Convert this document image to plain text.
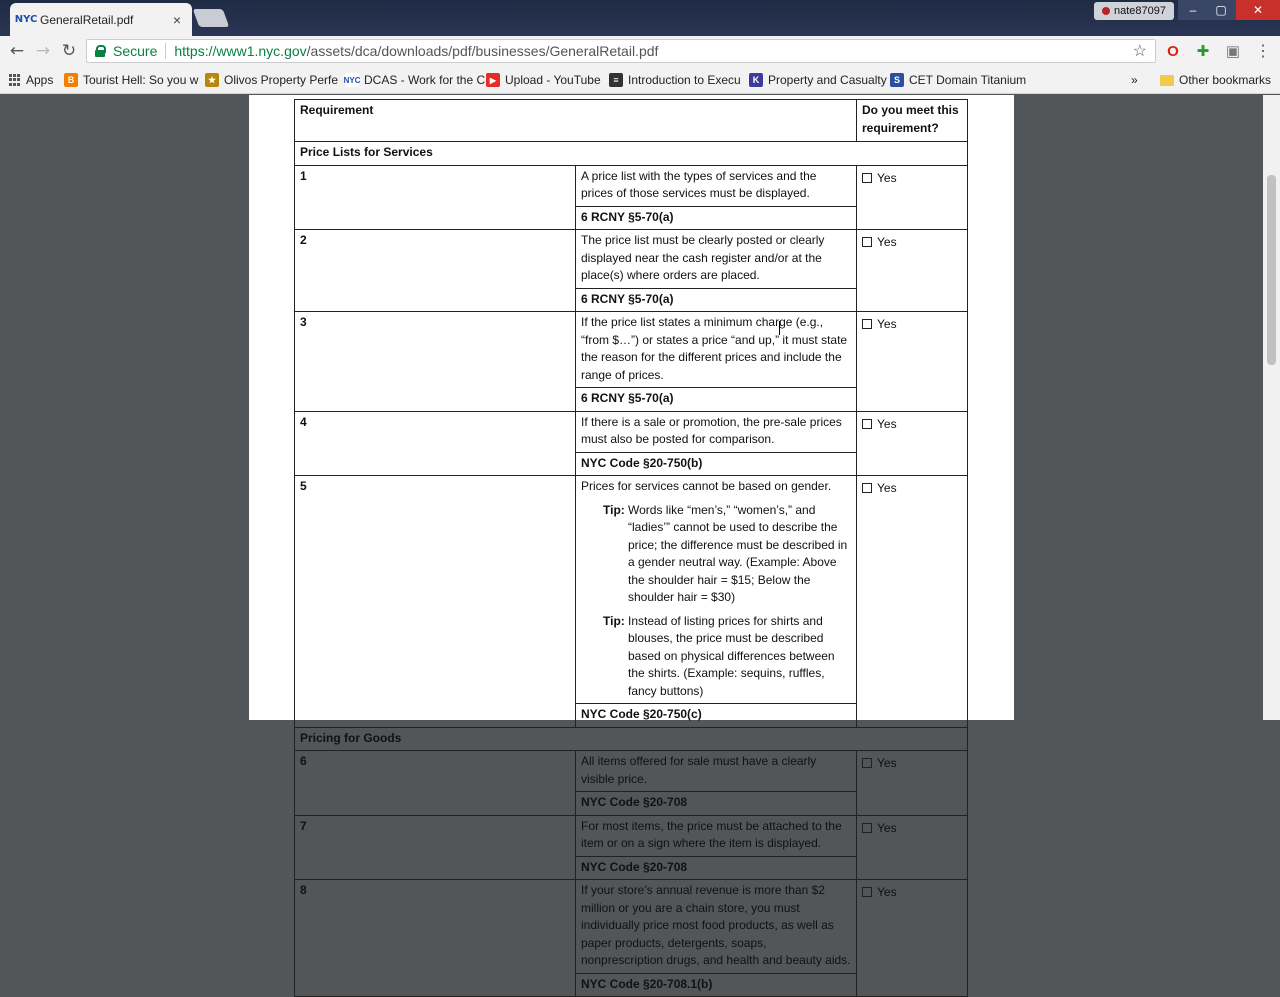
NYC GeneralRetail.pdf	×
nate87097	–	▢	✕
← → ↻	Secure https://www1.nyc.gov/assets/dca/downloads/pdf/businesses/GeneralRetail.pdf	☆ O ✚ ▣ ⋮
Apps	B Tourist Hell: So you w	★ Olivos Property Perfe NYC DCAS - Work for the C ▶ Upload - YouTube	≡ Introduction to Execu	K Property and Casualty S CET Domain Titanium	»	Other bookmarks
Requirement		Do you meet this requirement?
Price Lists for Services		
1	A price list with the types of services and the prices of those services must be displayed.	Yes

	6 RCNY §5-70(a)	
2	The price list must be clearly posted or clearly displayed near the cash register and/or at the place(s) where orders are placed.	Yes

	6 RCNY §5-70(a)	
3	If the price list states a minimum charge (e.g., “from $…”) or states a price “and up,” it must state the reason for the different prices and include the range of prices.	Yes

	6 RCNY §5-70(a)	
4	If there is a sale or promotion, the pre-sale prices must also be posted for comparison.	Yes

	NYC Code §20-750(b)	
5	Prices for services cannot be based on gender.
Tip: Words like “men’s,” “women’s,” and “ladies’” cannot be used to describe the price; the difference must be described in a gender neutral way. (Example: Above the shoulder hair = $15; Below the shoulder hair = $30)
Tip: Instead of listing prices for shirts and blouses, the price must be described based on physical differences between the shirts. (Example: sequins, ruffles, fancy buttons)	Yes

	NYC Code §20-750(c)	
Pricing for Goods		
6	All items offered for sale must have a clearly visible price.	Yes

	NYC Code §20-708	
7	For most items, the price must be attached to the item or on a sign where the item is displayed.	Yes

	NYC Code §20-708	
8	If your store’s annual revenue is more than $2 million or you are a chain store, you must individually price most food products, as well as paper products, detergents, soaps, nonprescription drugs, and health and beauty aids.	Yes

	NYC Code §20-708.1(b)	
